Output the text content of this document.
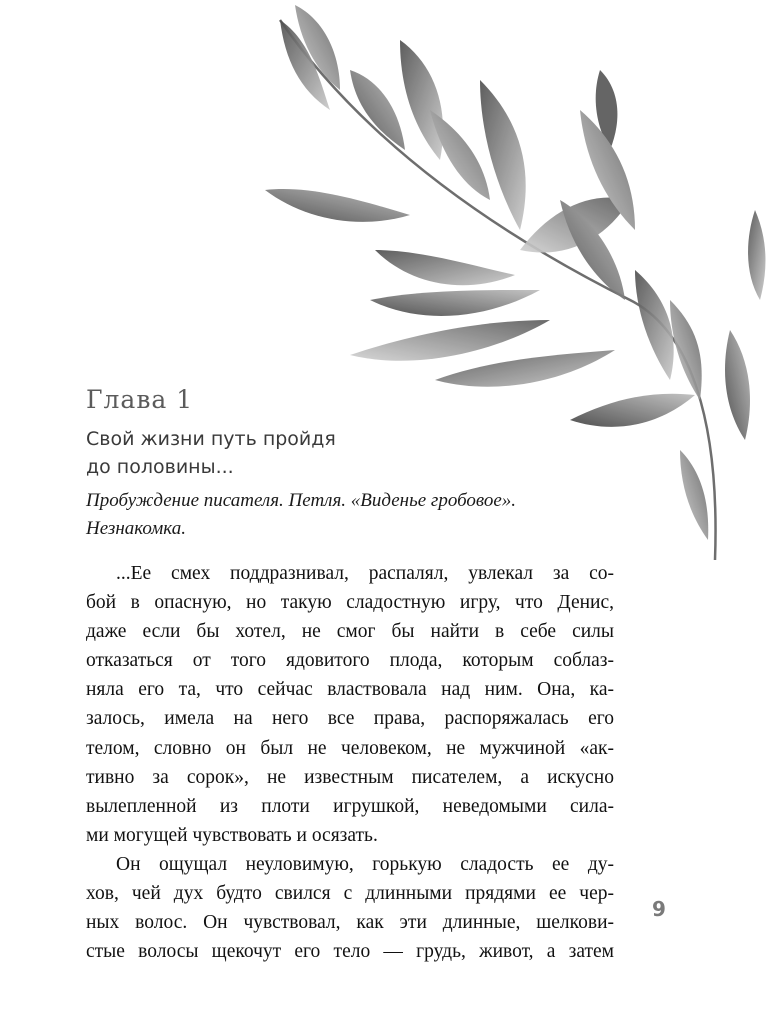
Глава 1
Свой жизни путь пройдя
до половины...
Пробуждение писателя. Петля. «Виденье гробовое».
Незнакомка.
...Ее смех поддразнивал, распалял, увлекал за со-
бой в опасную, но такую сладостную игру, что Денис,
даже если бы хотел, не смог бы найти в себе силы
отказаться от того ядовитого плода, которым соблаз-
няла его та, что сейчас властвовала над ним. Она, ка-
залось, имела на него все права, распоряжалась его
телом, словно он был не человеком, не мужчиной «ак-
тивно за сорок», не известным писателем, а искусно
вылепленной из плоти игрушкой, неведомыми сила-
ми могущей чувствовать и осязать.
Он ощущал неуловимую, горькую сладость ее ду-
хов, чей дух будто свился с длинными прядями ее чер-
ных волос. Он чувствовал, как эти длинные, шелкови-
стые волосы щекочут его тело — грудь, живот, а затем
9
